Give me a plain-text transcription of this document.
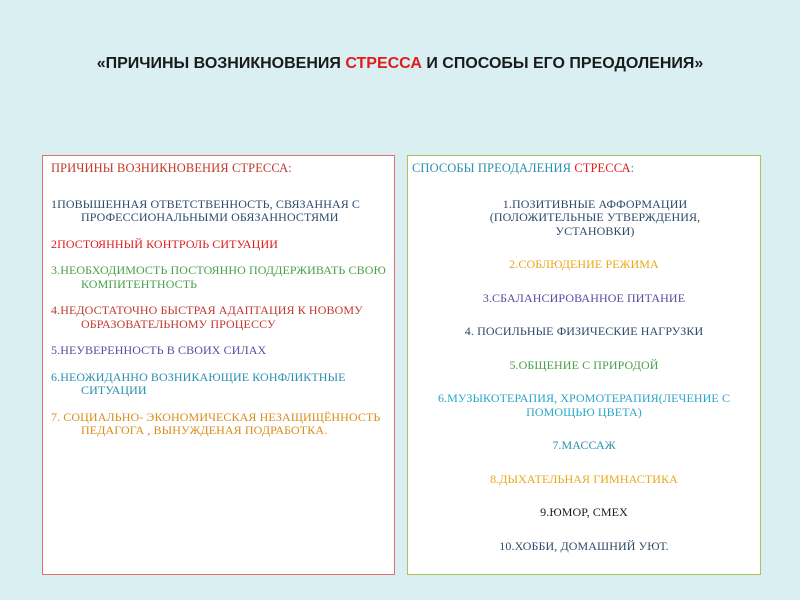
«ПРИЧИНЫ ВОЗНИКНОВЕНИЯ СТРЕССА И СПОСОБЫ ЕГО ПРЕОДОЛЕНИЯ»
ПРИЧИНЫ ВОЗНИКНОВЕНИЯ СТРЕССА:
1ПОВЫШЕННАЯ ОТВЕТСТВЕННОСТЬ, СВЯЗАННАЯ С ПРОФЕССИОНАЛЬНЫМИ ОБЯЗАННОСТЯМИ
2ПОСТОЯННЫЙ КОНТРОЛЬ СИТУАЦИИ
3.НЕОБХОДИМОСТЬ ПОСТОЯННО ПОДДЕРЖИВАТЬ СВОЮ КОМПИТЕНТНОСТЬ
4.НЕДОСТАТОЧНО БЫСТРАЯ АДАПТАЦИЯ К НОВОМУ ОБРАЗОВАТЕЛЬНОМУ ПРОЦЕССУ
5.НЕУВЕРЕННОСТЬ В СВОИХ СИЛАХ
6.НЕОЖИДАННО ВОЗНИКАЮЩИЕ КОНФЛИКТНЫЕ СИТУАЦИИ
7. СОЦИАЛЬНО- ЭКОНОМИЧЕСКАЯ НЕЗАЩИЩЁННОСТЬ ПЕДАГОГА , ВЫНУЖДЕНАЯ ПОДРАБОТКА.
СПОСОБЫ ПРЕОДАЛЕНИЯ СТРЕССА:
1.ПОЗИТИВНЫЕ АФФОРМАЦИИ (ПОЛОЖИТЕЛЬНЫЕ УТВЕРЖДЕНИЯ, УСТАНОВКИ)
2.СОБЛЮДЕНИЕ РЕЖИМА
3.СБАЛАНСИРОВАННОЕ ПИТАНИЕ
4. ПОСИЛЬНЫЕ ФИЗИЧЕСКИЕ НАГРУЗКИ
5.ОБЩЕНИЕ С ПРИРОДОЙ
6.МУЗЫКОТЕРАПИЯ, ХРОМОТЕРАПИЯ(ЛЕЧЕНИЕ С ПОМОЩЬЮ ЦВЕТА)
7.МАССАЖ
8.ДЫХАТЕЛЬНАЯ ГИМНАСТИКА
9.ЮМОР, СМЕХ
10.ХОББИ, ДОМАШНИЙ УЮТ.
